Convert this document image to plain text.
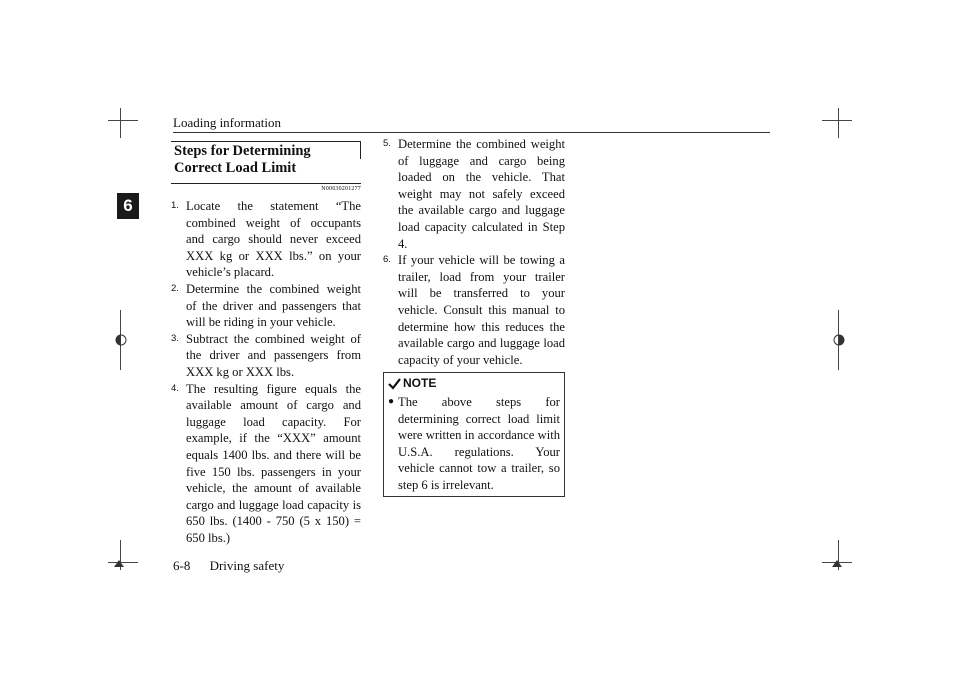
Loading information
6
Steps for Determining Correct Load Limit
N00630201277
1. Locate the statement “The combined weight of occupants and cargo should never exceed XXX kg or XXX lbs.” on your vehicle’s placard.
2. Determine the combined weight of the driver and passengers that will be riding in your vehicle.
3. Subtract the combined weight of the driver and passengers from XXX kg or XXX lbs.
4. The resulting figure equals the available amount of cargo and luggage load capacity. For example, if the “XXX” amount equals 1400 lbs. and there will be five 150 lbs. passengers in your vehicle, the amount of available cargo and luggage load capacity is 650 lbs. (1400 - 750 (5 x 150) = 650 lbs.)
5. Determine the combined weight of luggage and cargo being loaded on the vehicle. That weight may not safely exceed the available cargo and luggage load capacity calculated in Step 4.
6. If your vehicle will be towing a trailer, load from your trailer will be transferred to your vehicle. Consult this manual to determine how this reduces the available cargo and luggage load capacity of your vehicle.
NOTE
● The above steps for determining correct load limit were written in accordance with U.S.A. regulations. Your vehicle cannot tow a trailer, so step 6 is irrelevant.
6-8 Driving safety
